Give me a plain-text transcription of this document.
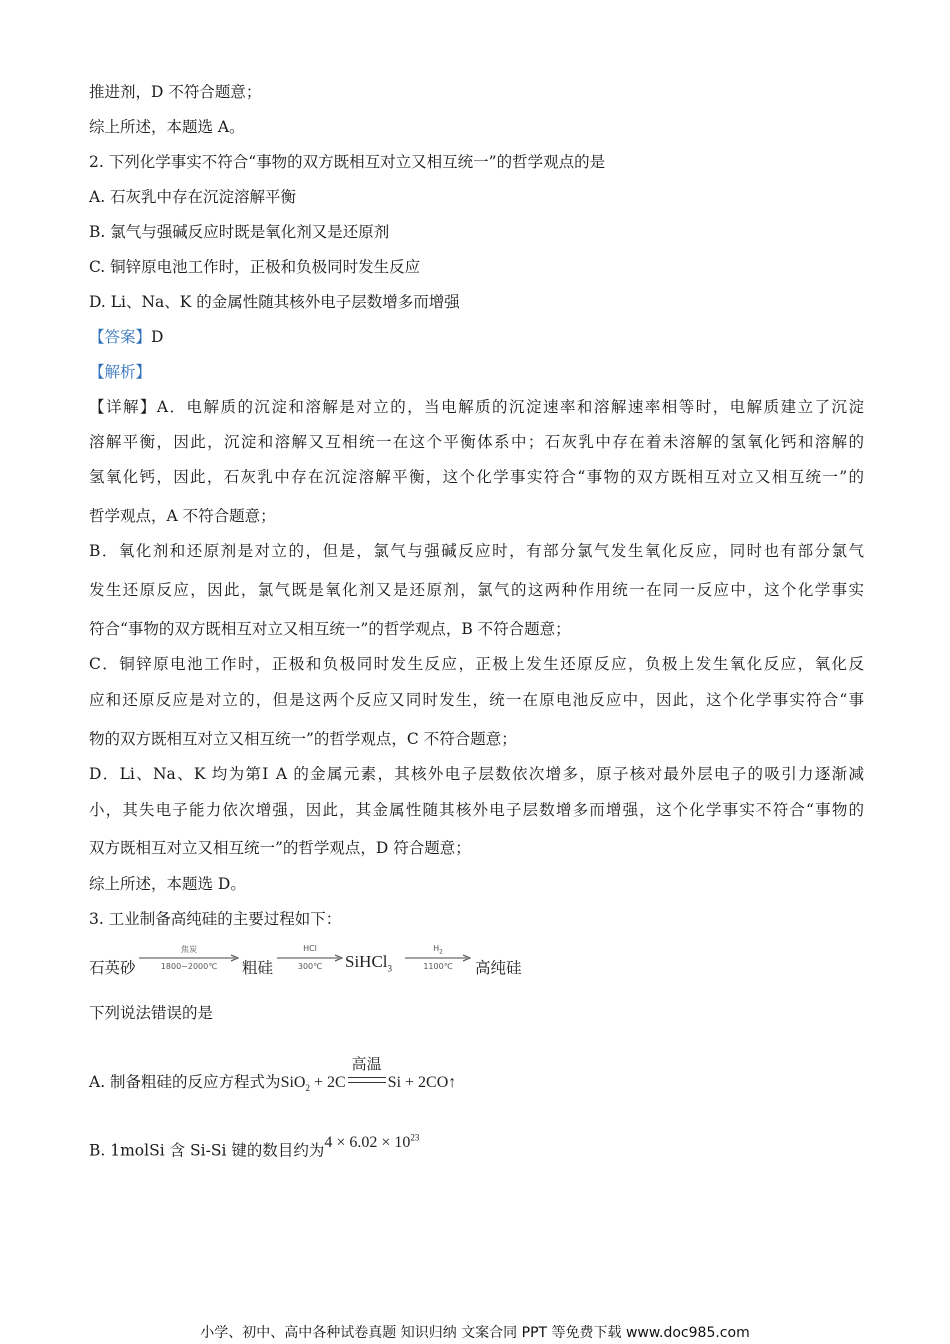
推进剂，D 不符合题意；
综上所述，本题选 A。
2. 下列化学事实不符合“事物的双方既相互对立又相互统一”的哲学观点的是
A. 石灰乳中存在沉淀溶解平衡
B. 氯气与强碱反应时既是氧化剂又是还原剂
C. 铜锌原电池工作时，正极和负极同时发生反应
D. Li、Na、K 的金属性随其核外电子层数增多而增强
【答案】D
【解析】
【详解】A．电解质的沉淀和溶解是对立的，当电解质的沉淀速率和溶解速率相等时，电解质建立了沉淀
溶解平衡，因此，沉淀和溶解又互相统一在这个平衡体系中；石灰乳中存在着未溶解的氢氧化钙和溶解的
氢氧化钙，因此，石灰乳中存在沉淀溶解平衡，这个化学事实符合“事物的双方既相互对立又相互统一”的
哲学观点，A 不符合题意；
B．氧化剂和还原剂是对立的，但是，氯气与强碱反应时，有部分氯气发生氧化反应，同时也有部分氯气
发生还原反应，因此，氯气既是氧化剂又是还原剂，氯气的这两种作用统一在同一反应中，这个化学事实
符合“事物的双方既相互对立又相互统一”的哲学观点，B 不符合题意；
C．铜锌原电池工作时，正极和负极同时发生反应，正极上发生还原反应，负极上发生氧化反应，氧化反
应和还原反应是对立的，但是这两个反应又同时发生，统一在原电池反应中，因此，这个化学事实符合“事
物的双方既相互对立又相互统一”的哲学观点，C 不符合题意；
D．Li、Na、K 均为第Ⅰ A 的金属元素，其核外电子层数依次增多，原子核对最外层电子的吸引力逐渐减
小，其失电子能力依次增强，因此，其金属性随其核外电子层数增多而增强，这个化学事实不符合“事物的
双方既相互对立又相互统一”的哲学观点，D 符合题意；
综上所述，本题选 D。
3. 工业制备高纯硅的主要过程如下：
石英砂
焦炭
1800~2000℃	粗硅
HCl
300℃	SiHCl$_3$
$H_2$
1100℃	高纯硅
下列说法错误的是
A. 制备粗硅的反应方程式为SiO$_2$ + 2C
高温
Si + 2CO↑
B. 1molSi 含 Si-Si 键的数目约为$4 \times 6.02 \times 10^{23}$
小学、初中、高中各种试卷真题 知识归纳 文案合同 PPT 等免费下载 www.doc985.com
